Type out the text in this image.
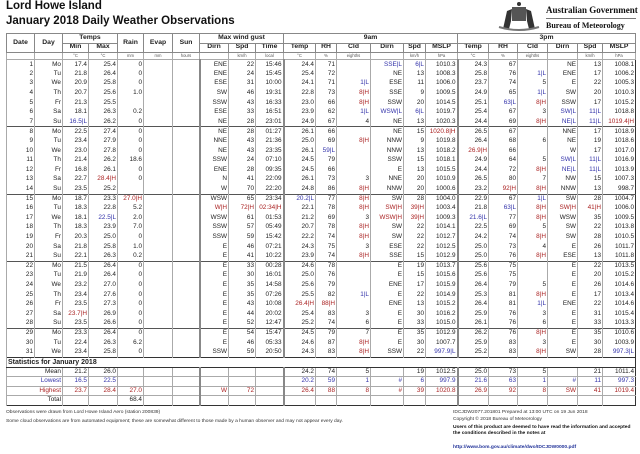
Lord Howe Island
January 2018 Daily Weather Observations
Australian Government
Bureau of Meteorology
Date	Day	Temps		Rain	Evap	Sun	Max wind gust			9am						3pm					
		Min	Max				Dirn	Spd	Time	Temp	RH	Cld	Dirn	Spd	MSLP	Temp	RH	Cld	Dirn	Spd	MSLP
		°C	°C	mm	mm	hours		km/h	local	°C	%	eighths		km/h	hPa	°C	%	eighths		km/h	hPa
1	Mo	17.4	25.4	0			ENE	22	15:46	24.4	71		SSE|L	6|L	1010.3	24.3	67		NE	13	1008.1
2	Tu	21.8	26.4	0			ENE	24	15:45	25.4	72		NE	13	1008.3	25.8	76	1|L	ENE	17	1006.2
3	We	20.9	25.8	0			ESE	31	10:00	24.1	71	1|L	ESE	11	1006.0	23.7	74	5	E	22	1005.3
4	Th	20.7	25.6	1.0			SW	46	19:31	22.8	73	8|H	SSE	9	1009.5	24.9	65	1|L	SW	20	1010.3
5	Fr	21.3	25.5				SSW	43	16:33	23.0	66	8|H	SSW	20	1014.5	25.1	63|L	8|H	SSW	17	1015.2
6	Sa	18.1	26.3	0.2			ESE	33	16:51	23.9	62	1|L	WSW|L	6|L	1019.7	25.4	67	3	SW|L	11|L	1018.8
7	Su	16.5|L	26.2	0			NE	28	23:01	24.9	67	4	NE	13	1020.3	24.4	69	8|H	NE|L	11|L	1019.4|H
8	Mo	22.5	27.4	0			NE	28	01:27	26.1	66		NE	15	1020.8|H	26.5	67		NNE	17	1018.9
9	Tu	23.4	27.9	0			NNE	43	21:36	25.0	69	8|H	NNW	9	1019.8	26.4	68	6	NE	19	1018.6
10	We	23.0	27.8	0			NE	43	23:35	26.1	59|L		NNW	13	1018.2	26.9|H	66		W	17	1017.0
11	Th	21.4	26.2	18.6			SSW	24	07:10	24.5	79		SSW	15	1018.1	24.9	64	5	SW|L	11|L	1016.9
12	Fr	16.8	26.1	0			ENE	28	09:35	24.5	66		E	13	1015.5	24.4	72	8|H	NE|L	11|L	1013.9
13	Sa	22.7	28.4|H	0			N	41	22:09	26.1	73	3	NNE	20	1010.9	26.5	80	7	NW	15	1007.3
14	Su	23.5	25.2				W	70	22:20	24.8	86	8|H	NNW	20	1000.6	23.2	92|H	8|H	NNW	13	998.7
15	Mo	18.7	23.3	27.0|H			WSW	65	23:34	20.2|L	77	8|H	SW	28	1004.0	22.9	67	1|L	SW	28	1004.7
16	Tu	18.3	22.8	5.2			W|H	72|H	02:34|H	22.1	78	8|H	SW|H	39|H	1003.4	21.8	63|L	8|H	SW|H	41|H	1006.0
17	We	18.1	22.5|L	2.0			WSW	61	01:53	21.2	69	3	WSW|H	39|H	1009.3	21.6|L	77	8|H	WSW	35	1009.5
18	Th	18.3	23.9	7.0			SSW	57	05:49	20.7	78	8|H	SW	22	1014.1	22.5	69	5	SW	22	1013.8
19	Fr	20.3	25.0	0			SSW	59	15:42	22.2	74	8|H	SW	22	1012.7	24.2	74	8|H	SW	28	1010.5
20	Sa	21.8	25.8	1.0			E	46	07:21	24.3	75	3	ESE	22	1012.5	25.0	73	4	E	26	1011.7
21	Su	22.1	26.3	0.2			E	41	10:22	23.9	74	8|H	SSE	15	1012.9	25.0	76	8|H	ESE	13	1011.8
22	Mo	21.5	26.4	0			E	33	00:28	24.6	78		E	19	1013.7	25.6	75		E	22	1013.5
23	Tu	21.9	26.4	0			E	30	16:01	25.0	76		E	15	1015.6	25.6	75		E	20	1015.2
24	We	23.2	27.0	0			E	35	14:58	25.6	79		ENE	17	1015.9	26.4	79	5	E	26	1014.6
25	Th	23.4	27.6	0			E	35	07:26	25.5	82	1|L	E	22	1014.9	25.3	81	8|H	E	17	1013.4
26	Fr	23.5	27.3	0			E	43	10:08	26.4|H	88|H		ENE	13	1015.2	26.4	81	1|L	ENE	22	1014.6
27	Sa	23.7|H	26.9	0			E	44	20:02	25.4	83	3	E	30	1016.2	25.9	76	3	E	31	1015.4
28	Su	23.5	26.6	0			E	52	12:47	25.2	74	6	E	33	1015.0	26.1	76	6	E	33	1013.3
29	Mo	23.3	26.4	0			E	54	15:47	24.5	79	7	E	35	1012.9	26.2	76	8|H	E	35	1010.6
30	Tu	22.4	26.3	6.2			E	46	05:33	24.6	87	8|H	E	30	1007.7	25.9	83	3	E	30	1003.9
31	We	23.4	25.8	0			SSW	59	20:50	24.3	83	8|H	SSW	22	997.9|L	25.2	83	8|H	SW	28	997.3|L
Statistics for January 2018																					
Mean		21.2	26.0							24.2	74	5		19	1012.5	25.0	73	5		21	1011.4
Lowest		16.5	22.5							20.2	59	1	#	6	997.9	21.6	63	1	#	11	997.3
Highest		23.7	28.4	27.0			W	72		26.4	88	8	#	39	1020.8	26.9	92	8	SW	41	1019.4
Total				68.4																	
Observations were drawn from Lord Howe Island Aero (station 200839)
Some cloud observations are from automated equipment; these are somewhat different to those made by a human observer and may not appear every day.
IDCJDW2077.201801 Prepared at 13:00 UTC on 19 Jun 2018
Copyright © 2018 Bureau of Meteorology
Users of this product are deemed to have read the information and accepted the conditions described in the notes at
http://www.bom.gov.au/climate/dwo/IDCJDW0000.pdf
